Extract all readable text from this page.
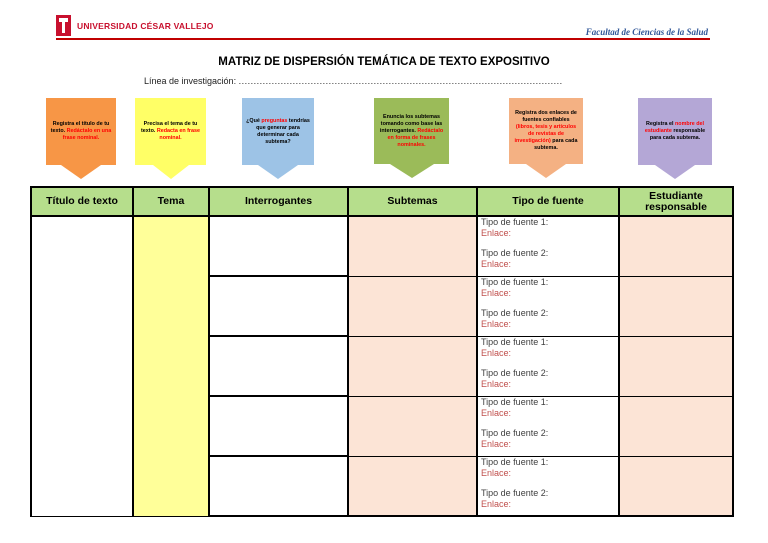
UNIVERSIDAD CÉSAR VALLEJO
Facultad de Ciencias de la Salud
MATRIZ DE DISPERSIÓN TEMÁTICA DE TEXTO EXPOSITIVO
Línea de investigación: ............................................................................................................
Registra el título de tu texto. Redáctalo en una frase nominal.
Precisa el tema de tu texto. Redacta en frase nominal.
¿Qué preguntas tendrías que generar para determinar cada subtema?
Enuncia los subtemas tomando como base las interrogantes. Redáctalo en forma de frases nominales.
Registra dos enlaces de fuentes confiables (libros, tesis y artículos de revistas de investigación) para cada subtema.
Registra el nombre del estudiante responsable para cada subtema.
Título de texto	Tema	Interrogantes	Subtemas	Tipo de fuente	Estudiante responsable

				Tipo de fuente 1:
Enlace:
Tipo de fuente 2:
Enlace:	

				Tipo de fuente 1:
Enlace:
Tipo de fuente 2:
Enlace:	

				Tipo de fuente 1:
Enlace:
Tipo de fuente 2:
Enlace:	

				Tipo de fuente 1:
Enlace:
Tipo de fuente 2:
Enlace:	

				Tipo de fuente 1:
Enlace:
Tipo de fuente 2:
Enlace:	
